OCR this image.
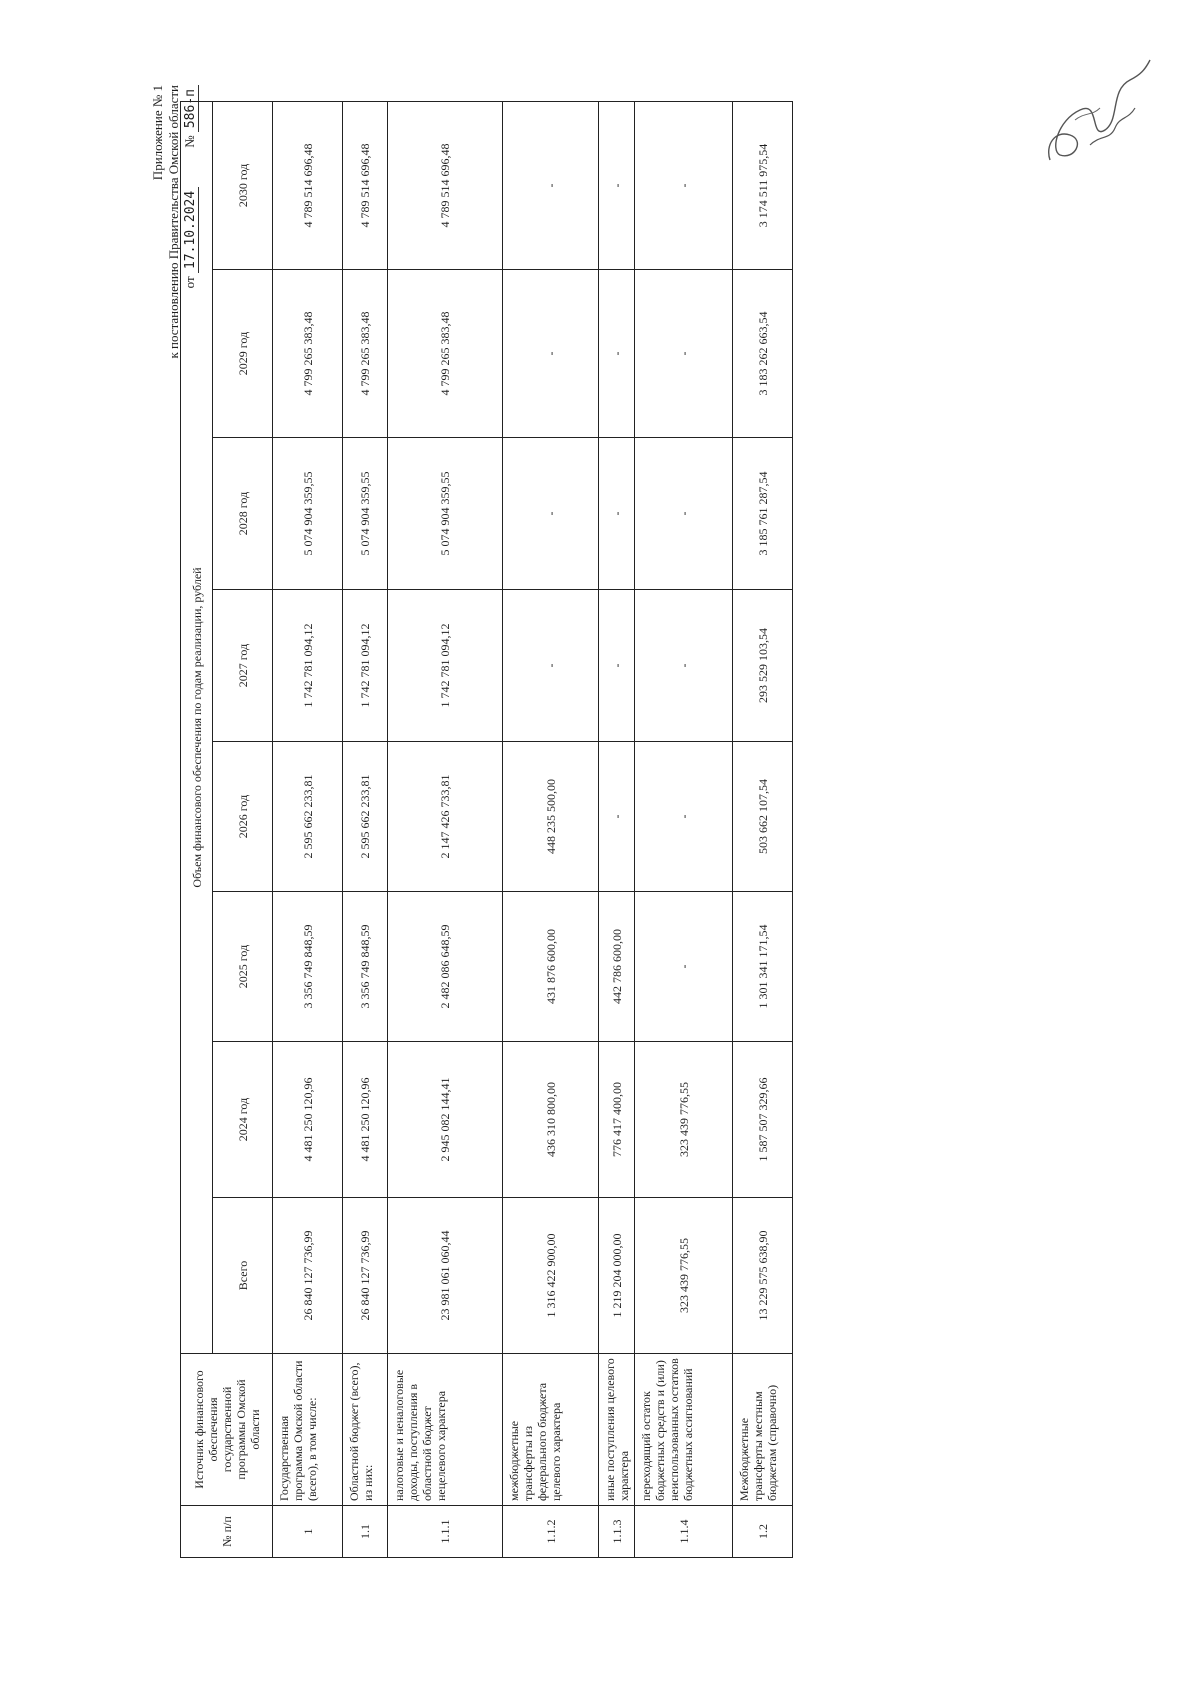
Приложение № 1 к постановлению Правительства Омской области от 17.10.2024            № 586-п
№ п/п	Источник финансового обеспечения государственной программы Омской области	Объем финансового обеспечения по годам реализации, рублей							
		Всего	2024 год	2025 год	2026 год	2027 год	2028 год	2029 год	2030 год
1	Государственная программа Омской области (всего), в том числе:	26 840 127 736,99	4 481 250 120,96	3 356 749 848,59	2 595 662 233,81	1 742 781 094,12	5 074 904 359,55	4 799 265 383,48	4 789 514 696,48
1.1	Областной бюджет (всего), из них:	26 840 127 736,99	4 481 250 120,96	3 356 749 848,59	2 595 662 233,81	1 742 781 094,12	5 074 904 359,55	4 799 265 383,48	4 789 514 696,48
1.1.1	налоговые и неналоговые доходы, поступления в областной бюджет нецелевого характера	23 981 061 060,44	2 945 082 144,41	2 482 086 648,59	2 147 426 733,81	1 742 781 094,12	5 074 904 359,55	4 799 265 383,48	4 789 514 696,48
1.1.2	межбюджетные трансферты из федерального бюджета целевого характера	1 316 422 900,00	436 310 800,00	431 876 600,00	448 235 500,00	-	-	-	-
1.1.3	иные поступления целевого характера	1 219 204 000,00	776 417 400,00	442 786 600,00	-	-	-	-	-
1.1.4	переходящий остаток бюджетных средств и (или) неиспользованных остатков бюджетных ассигнований	323 439 776,55	323 439 776,55	-	-	-	-	-	-
1.2	Межбюджетные трансферты местным бюджетам (справочно)	13 229 575 638,90	1 587 507 329,66	1 301 341 171,54	503 662 107,54	293 529 103,54	3 185 761 287,54	3 183 262 663,54	3 174 511 975,54
